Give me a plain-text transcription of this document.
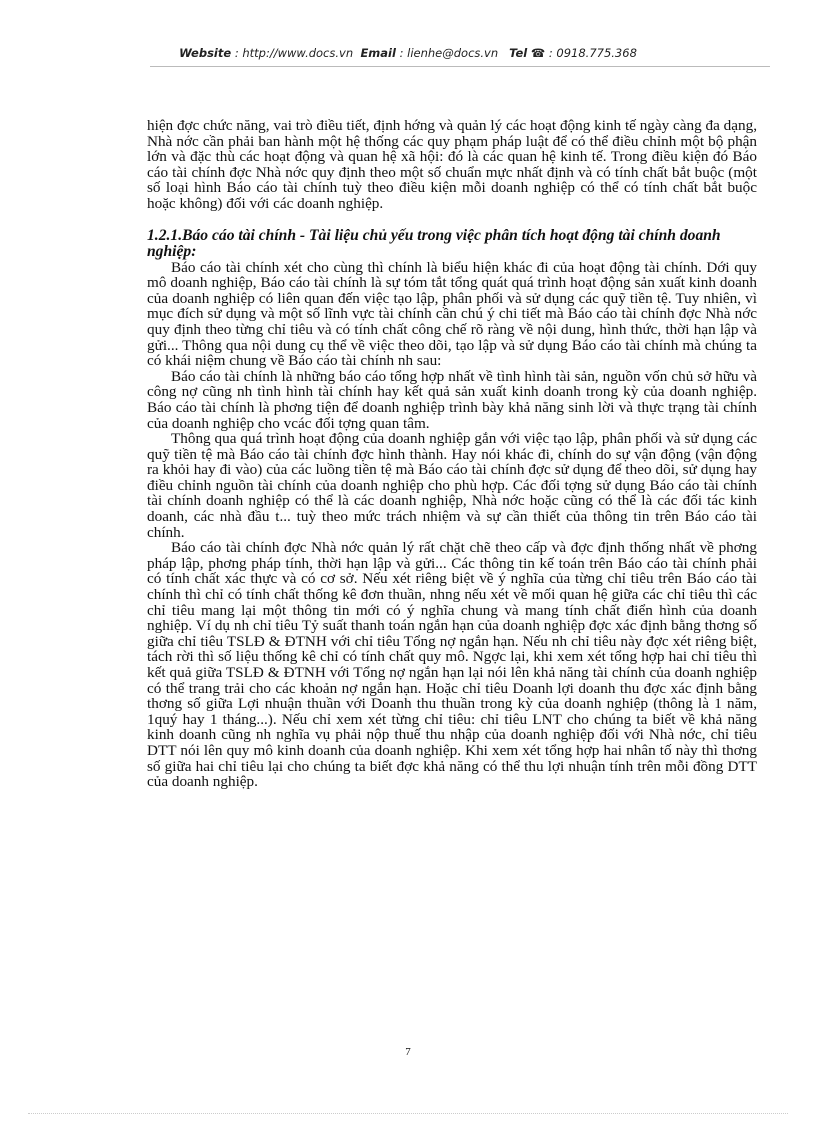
Website : http://www.docs.vn Email : lienhe@docs.vn Tel ☎ : 0918.775.368

hiện đợc chức năng, vai trò điều tiết, định hớng và quản lý các hoạt động kinh tế ngày càng đa dạng, Nhà nớc cần phải ban hành một hệ thống các quy phạm pháp luật để có thể điều chỉnh một bộ phận lớn và đặc thù các hoạt động và quan hệ xã hội: đó là các quan hệ kinh tế. Trong điều kiện đó Báo cáo tài chính đợc Nhà nớc quy định theo một số chuẩn mực nhất định và có tính chất bắt buộc (một số loại hình Báo cáo tài chính tuỳ theo điều kiện mỗi doanh nghiệp có thể có tính chất bắt buộc hoặc không) đối với các doanh nghiệp.

1.2.1.Báo cáo tài chính - Tài liệu chủ yếu trong việc phân tích hoạt động tài chính doanh nghiệp:

Báo cáo tài chính xét cho cùng thì chính là biểu hiện khác đi của hoạt động tài chính. Dới quy mô doanh nghiệp, Báo cáo tài chính là sự tóm tắt tổng quát quá trình hoạt động sản xuất kinh doanh của doanh nghiệp có liên quan đến việc tạo lập, phân phối và sử dụng các quỹ tiền tệ. Tuy nhiên, vì mục đích sử dụng và một số lĩnh vực tài chính cần chú ý chi tiết mà Báo cáo tài chính đợc Nhà nớc quy định theo từng chỉ tiêu và có tính chất công chế rõ ràng về nội dung, hình thức, thời hạn lập và gửi... Thông qua nội dung cụ thể về việc theo dõi, tạo lập và sử dụng Báo cáo tài chính mà chúng ta có khái niệm chung về Báo cáo tài chính nh sau:

Báo cáo tài chính là những báo cáo tổng hợp nhất về tình hình tài sản, nguồn vốn chủ sở hữu và công nợ cũng nh tình hình tài chính hay kết quả sản xuất kinh doanh trong kỳ của doanh nghiệp. Báo cáo tài chính là phơng tiện để doanh nghiệp trình bày khả năng sinh lời và thực trạng tài chính của doanh nghiệp cho vcác đối tợng quan tâm.

Thông qua quá trình hoạt động của doanh nghiệp gắn với việc tạo lập, phân phối và sử dụng các quỹ tiền tệ mà Báo cáo tài chính đợc hình thành. Hay nói khác đi, chính do sự vận động (vận động ra khỏi hay đi vào) của các luồng tiền tệ mà Báo cáo tài chính đợc sử dụng để theo dõi, sử dụng hay điều chỉnh nguồn tài chính của doanh nghiệp cho phù hợp. Các đối tợng sử dụng Báo cáo tài chính tài chính doanh nghiệp có thể là các doanh nghiệp, Nhà nớc hoặc cũng có thể là các đối tác kinh doanh, các nhà đầu t... tuỳ theo mức trách nhiệm và sự cần thiết của thông tin trên Báo cáo tài chính.

Báo cáo tài chính đợc Nhà nớc quản lý rất chặt chẽ theo cấp và đợc định thống nhất về phơng pháp lập, phơng pháp tính, thời hạn lập và gửi... Các thông tin kế toán trên Báo cáo tài chính phải có tính chất xác thực và có cơ sở. Nếu xét riêng biệt về ý nghĩa của từng chỉ tiêu trên Báo cáo tài chính thì chỉ có tính chất thống kê đơn thuần, nhng nếu xét về mối quan hệ giữa các chỉ tiêu thì các chỉ tiêu mang lại một thông tin mới có ý nghĩa chung và mang tính chất điển hình của doanh nghiệp. Ví dụ nh chỉ tiêu Tỷ suất thanh toán ngắn hạn của doanh nghiệp đợc xác định bằng thơng số giữa chỉ tiêu TSLĐ & ĐTNH với chỉ tiêu Tổng nợ ngắn hạn. Nếu nh chỉ tiêu này đợc xét riêng biệt, tách rời thì số liệu thống kê chỉ có tính chất quy mô. Ngợc lại, khi xem xét tổng hợp hai chỉ tiêu thì kết quả giữa TSLĐ & ĐTNH với Tổng nợ ngắn hạn lại nói lên khả năng tài chính của doanh nghiệp có thể trang trải cho các khoản nợ ngắn hạn. Hoặc chỉ tiêu Doanh lợi doanh thu đợc xác định bằng thơng số giữa Lợi nhuận thuần với Doanh thu thuần trong kỳ của doanh nghiệp (thông là 1 năm, 1quý hay 1 tháng...). Nếu chỉ xem xét từng chỉ tiêu: chỉ tiêu LNT cho chúng ta biết về khả năng kinh doanh cũng nh nghĩa vụ phải nộp thuế thu nhập của doanh nghiệp đối với Nhà nớc, chỉ tiêu DTT nói lên quy mô kinh doanh của doanh nghiệp. Khi xem xét tổng hợp hai nhân tố này thì thơng số giữa hai chỉ tiêu lại cho chúng ta biết đợc khả năng có thể thu lợi nhuận tính trên mỗi đồng DTT của doanh nghiệp.

7
